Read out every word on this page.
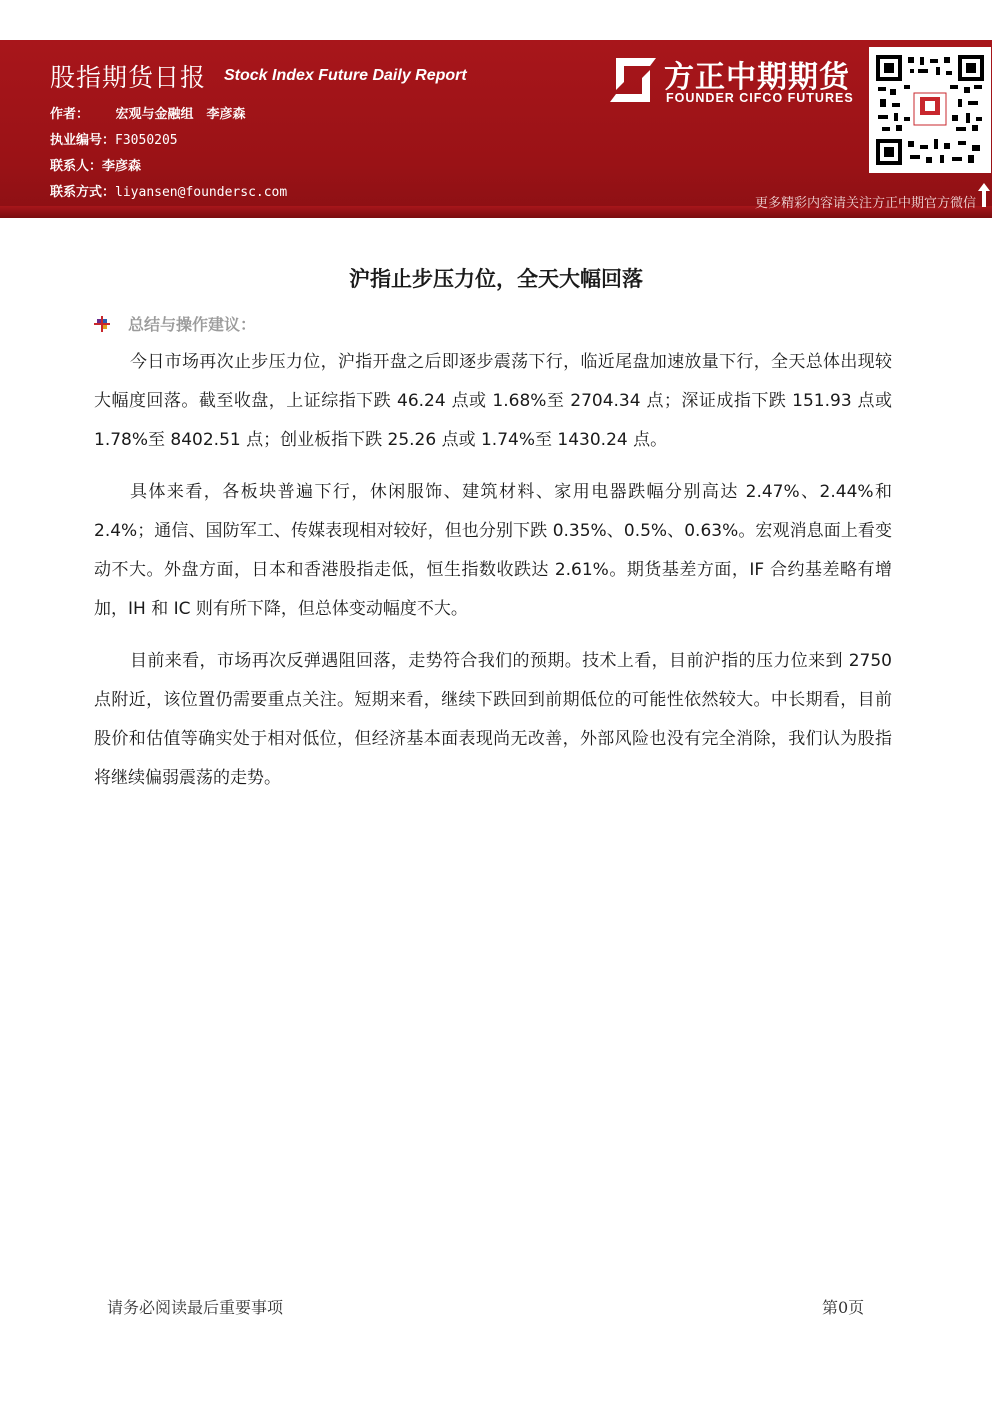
股指期货日报 Stock Index Future Daily Report
作者： 宏观与金融组　李彦森
执业编号：F3050205
联系人：李彦森
联系方式：liyansen@foundersc.com
方正中期期货
FOUNDER CIFCO FUTURES
更多精彩内容请关注方正中期官方微信
沪指止步压力位，全天大幅回落
总结与操作建议：
今日市场再次止步压力位，沪指开盘之后即逐步震荡下行，临近尾盘加速放量下行，全天总体出现较大幅度回落。截至收盘，上证综指下跌 46.24 点或 1.68%至 2704.34 点；深证成指下跌 151.93 点或 1.78%至 8402.51 点；创业板指下跌 25.26 点或 1.74%至 1430.24 点。
具体来看，各板块普遍下行，休闲服饰、建筑材料、家用电器跌幅分别高达 2.47%、2.44%和 2.4%；通信、国防军工、传媒表现相对较好，但也分别下跌 0.35%、0.5%、0.63%。宏观消息面上看变动不大。外盘方面，日本和香港股指走低，恒生指数收跌达 2.61%。期货基差方面，IF 合约基差略有增加，IH 和 IC 则有所下降，但总体变动幅度不大。
目前来看，市场再次反弹遇阻回落，走势符合我们的预期。技术上看，目前沪指的压力位来到 2750 点附近，该位置仍需要重点关注。短期来看，继续下跌回到前期低位的可能性依然较大。中长期看，目前股价和估值等确实处于相对低位，但经济基本面表现尚无改善，外部风险也没有完全消除，我们认为股指将继续偏弱震荡的走势。
请务必阅读最后重要事项	第0页
